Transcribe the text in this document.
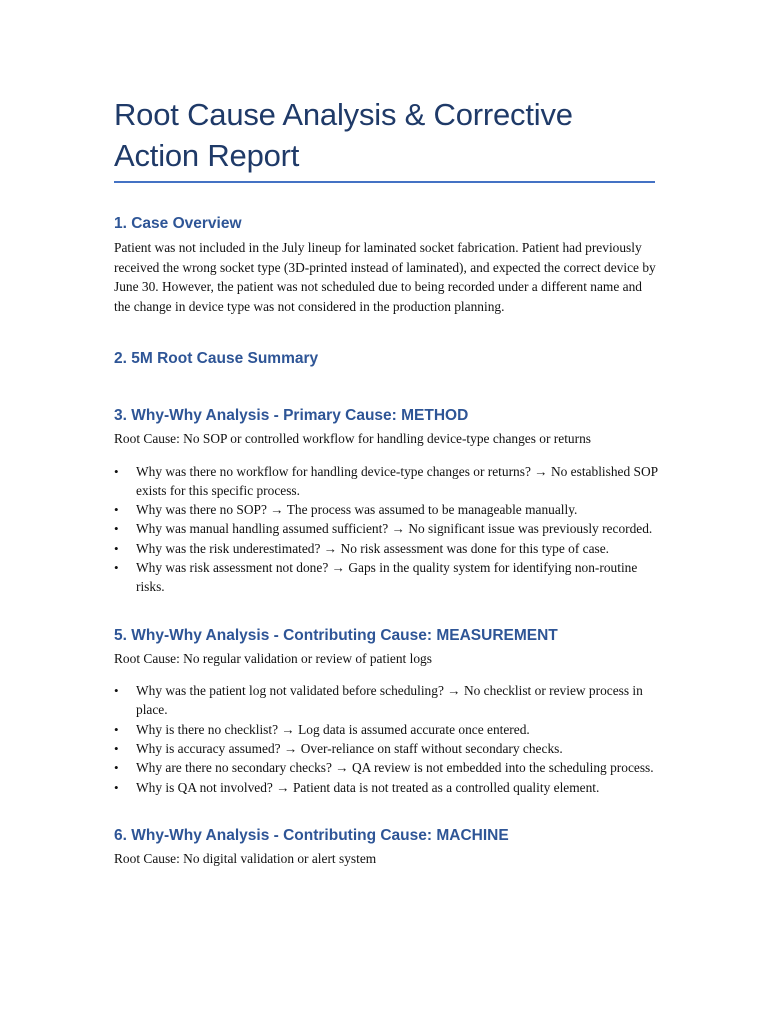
Root Cause Analysis & Corrective Action Report
1. Case Overview

Patient was not included in the July lineup for laminated socket fabrication. Patient had previously received the wrong socket type (3D-printed instead of laminated), and expected the correct device by June 30. However, the patient was not scheduled due to being recorded under a different name and the change in device type was not considered in the production planning.

2. 5M Root Cause Summary
3. Why-Why Analysis - Primary Cause: METHOD

Root Cause: No SOP or controlled workflow for handling device-type changes or returns

• Why was there no workflow for handling device-type changes or returns? → No established SOP exists for this specific process.
• Why was there no SOP? → The process was assumed to be manageable manually.
• Why was manual handling assumed sufficient? → No significant issue was previously recorded.
• Why was the risk underestimated? → No risk assessment was done for this type of case.
• Why was risk assessment not done? → Gaps in the quality system for identifying non-routine risks.
5. Why-Why Analysis - Contributing Cause: MEASUREMENT

Root Cause: No regular validation or review of patient logs

• Why was the patient log not validated before scheduling? → No checklist or review process in place.
• Why is there no checklist? → Log data is assumed accurate once entered.
• Why is accuracy assumed? → Over-reliance on staff without secondary checks.
• Why are there no secondary checks? → QA review is not embedded into the scheduling process.
• Why is QA not involved? → Patient data is not treated as a controlled quality element.
6. Why-Why Analysis - Contributing Cause: MACHINE

Root Cause: No digital validation or alert system
